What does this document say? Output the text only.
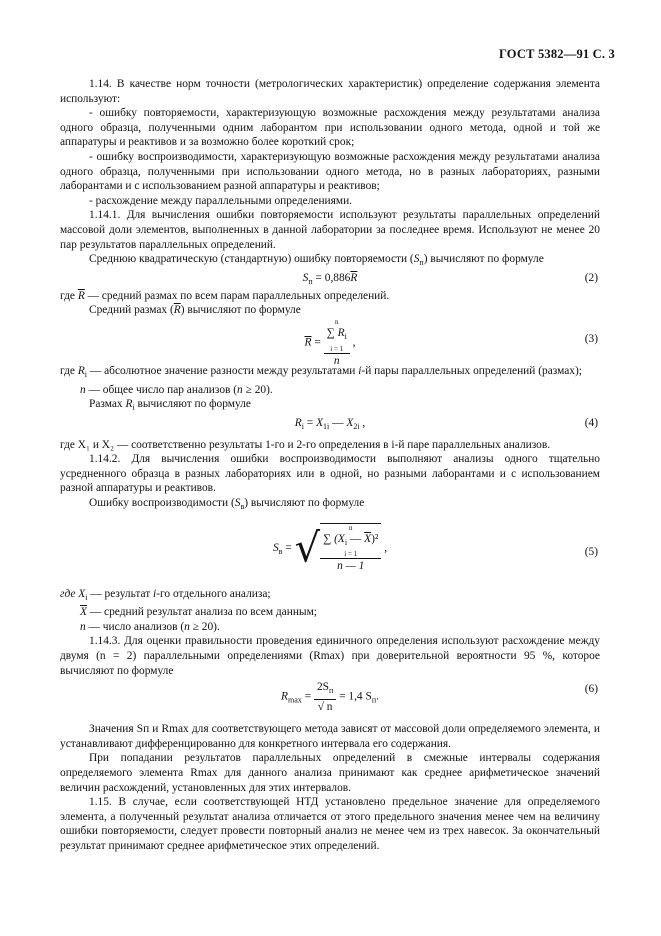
ГОСТ 5382—91 С. 3

1.14. В качестве норм точности (метрологических характеристик) определение содержания элемента используют:

- ошибку повторяемости, характеризующую возможные расхождения между результатами анализа одного образца, полученными одним лаборантом при использовании одного метода, одной и той же аппаратуры и реактивов и за возможно более короткий срок;

- ошибку воспроизводимости, характеризующую возможные расхождения между результатами анализа одного образца, полученными при использовании одного метода, но в разных лабораториях, разными лаборантами и с использованием разной аппаратуры и реактивов;

- расхождение между параллельными определениями.

1.14.1. Для вычисления ошибки повторяемости используют результаты параллельных определений массовой доли элементов, выполненных в данной лаборатории за последнее время. Используют не менее 20 пар результатов параллельных определений.

Среднюю квадратическую (стандартную) ошибку повторяемости $(S_п)$ вычисляют по формуле

$S_п = 0,886\overline{R}$	(2)

где $\overline{R}$ — средний размах по всем парам параллельных определений.

Средний размах $(\overline{R})$ вычисляют по формуле

$\overline{R} = n$
∑ $R_i$
i = 1
n ,	(3)

где $R_i$ — абсолютное значение разности между результатами i-й пары параллельных определений (размах);

n — общее число пар анализов (n ≥ 20).

Размах $R_i$ вычисляют по формуле

$R_i = X_{1i}$ — $X_{2i}$ ,	(4)

где X₁ и X₂ — соответственно результаты 1-го и 2-го определения в i-й паре параллельных анализов.

1.14.2. Для вычисления ошибки воспроизводимости выполняют анализы одного тщательно усредненного образца в разных лабораториях или в одной, но разными лаборантами и с использованием разной аппаратуры и реактивов.

Ошибку воспроизводимости $(S_в)$ вычисляют по формуле

$S_в$ = √ n
∑ ($X_i$ — $\overline{X})^2$
i = 1
n — 1 ,	(5)

где $X_i$ — результат i-го отдельного анализа;

$\overline{X}$ — средний результат анализа по всем данным;

n — число анализов (n ≥ 20).

1.14.3. Для оценки правильности проведения единичного определения используют расхождение между двумя (n = 2) параллельными определениями (Rmax) при доверительной вероятности 95 %, которое вычисляют по формуле

$R_{max} = \frac{2S_п}{√ n} = 1,4$ $S_п$.
(6)

Значения Sп и Rmax для соответствующего метода зависят от массовой доли определяемого элемента, и устанавливают дифференцированно для конкретного интервала его содержания.

При попадании результатов параллельных определений в смежные интервалы содержания определяемого элемента Rmax для данного анализа принимают как среднее арифметическое значений величин расхождений, установленных для этих интервалов.

1.15. В случае, если соответствующей НТД установлено предельное значение для определяемого элемента, а полученный результат анализа отличается от этого предельного значения менее чем на величину ошибки повторяемости, следует провести повторный анализ не менее чем из трех навесок. За окончательный результат принимают среднее арифметическое этих определений.
